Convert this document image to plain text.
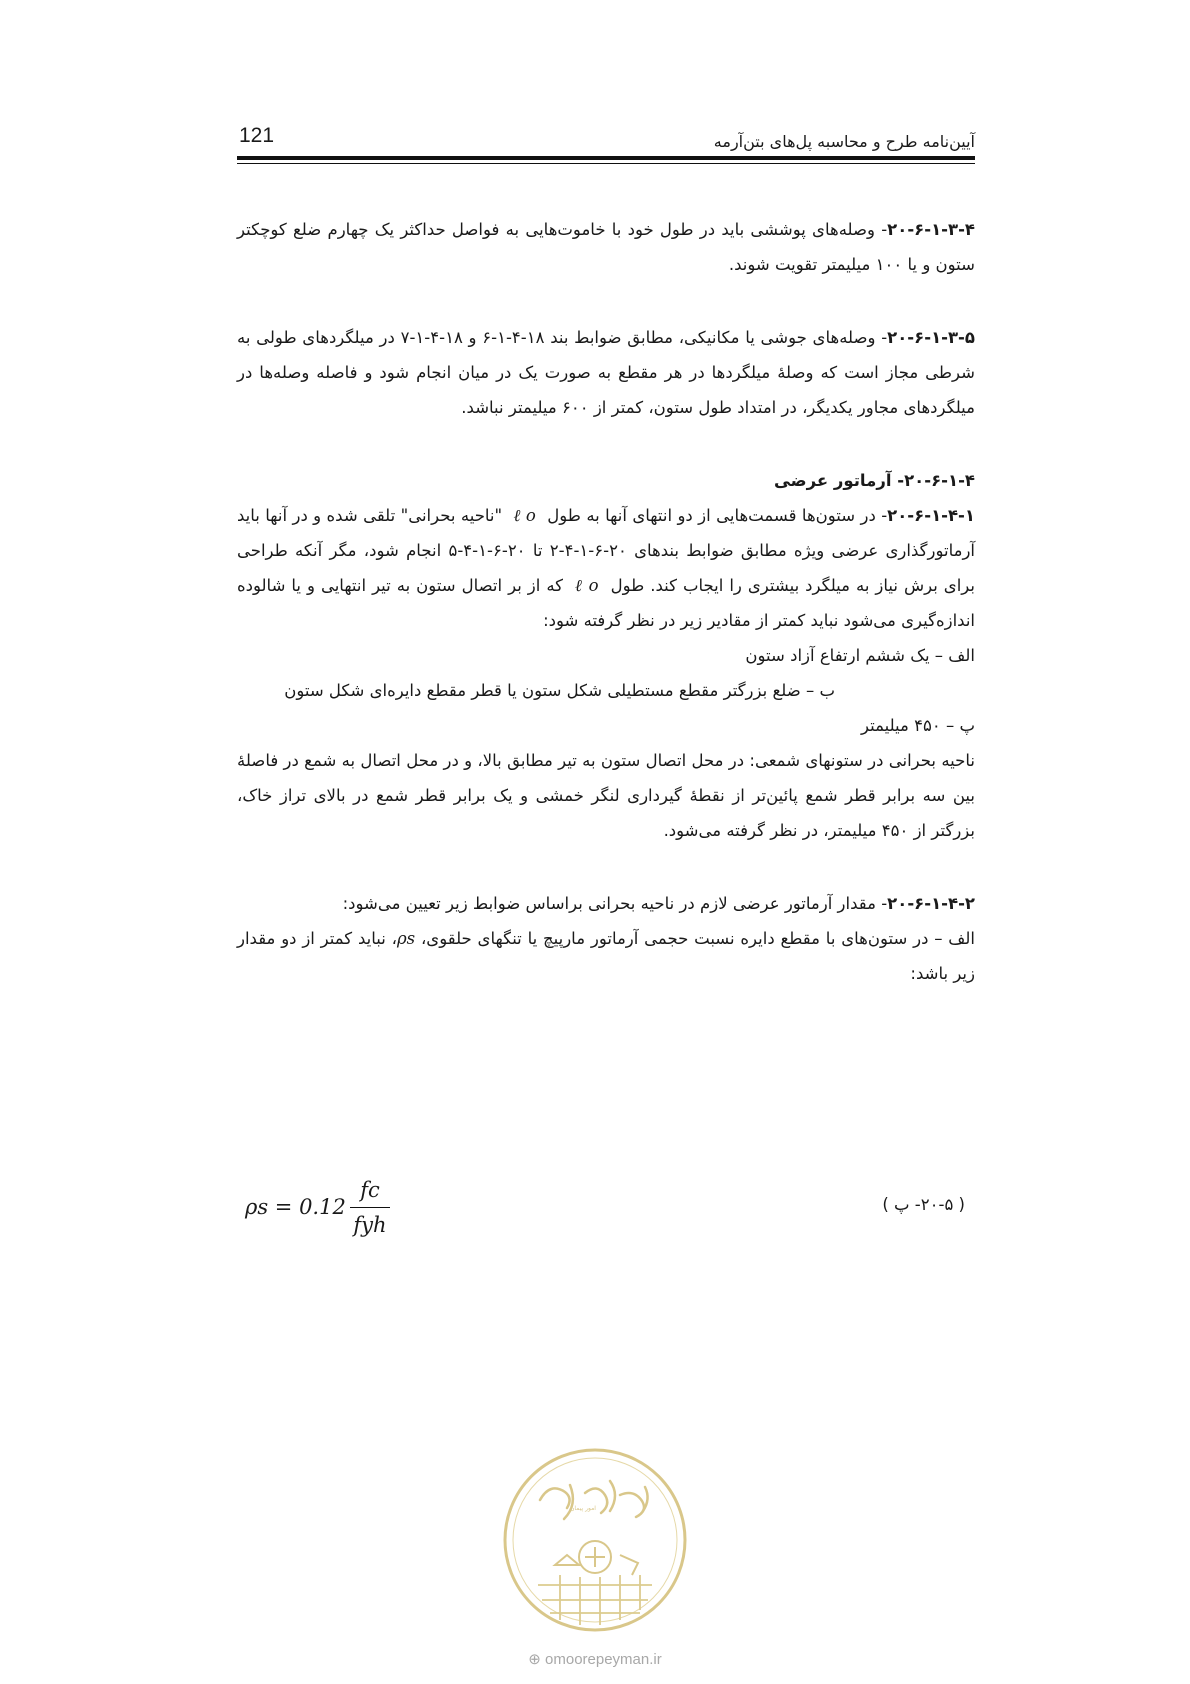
121	آیین‌نامه طرح و محاسبه پل‌های بتن‌آرمه

۲۰-۶-۱-۳-۴- وصله‌های پوششی باید در طول خود با خاموت‌هایی به فواصل حداکثر یک چهارم ضلع کوچکتر ستون و یا ۱۰۰ میلیمتر تقویت شوند.

۲۰-۶-۱-۳-۵- وصله‌های جوشی یا مکانیکی، مطابق ضوابط بند ۱۸-۴-۱-۶ و ۱۸-۴-۱-۷ در میلگردهای طولی به شرطی مجاز است که وصلهٔ میلگردها در هر مقطع به صورت یک در میان انجام شود و فاصله وصله‌ها در میلگردهای مجاور یکدیگر، در امتداد طول ستون، کمتر از ۶۰۰ میلیمتر نباشد.

۲۰-۶-۱-۴- آرماتور عرضی

۲۰-۶-۱-۴-۱- در ستون‌ها قسمت‌هایی از دو انتهای آنها به طول ℓ o "ناحیه بحرانی" تلقی شده و در آنها باید آرماتورگذاری عرضی ویژه مطابق ضوابط بندهای ۲۰-۶-۱-۴-۲ تا ۲۰-۶-۱-۴-۵ انجام شود، مگر آنکه طراحی برای برش نیاز به میلگرد بیشتری را ایجاب کند. طول ℓ o که از بر اتصال ستون به تیر انتهایی و یا شالوده اندازه‌گیری می‌شود نباید کمتر از مقادیر زیر در نظر گرفته شود:

الف – یک ششم ارتفاع آزاد ستون

ب – ضلع بزرگتر مقطع مستطیلی شکل ستون یا قطر مقطع دایره‌ای شکل ستون

پ – ۴۵۰ میلیمتر

ناحیه بحرانی در ستونهای شمعی: در محل اتصال ستون به تیر مطابق بالا، و در محل اتصال به شمع در فاصلهٔ بین سه برابر قطر شمع پائین‌تر از نقطهٔ گیرداری لنگر خمشی و یک برابر قطر شمع در بالای تراز خاک، بزرگتر از ۴۵۰ میلیمتر، در نظر گرفته می‌شود.

۲۰-۶-۱-۴-۲- مقدار آرماتور عرضی لازم در ناحیه بحرانی براساس ضوابط زیر تعیین می‌شود:

الف – در ستون‌های با مقطع دایره نسبت حجمی آرماتور مارپیچ یا تنگهای حلقوی، ρs، نباید کمتر از دو مقدار زیر باشد:

ρs = 0.12
fc
fyh
( ۲۰-۵- پ )
امور پیمان
⊕ omoorepeyman.ir
